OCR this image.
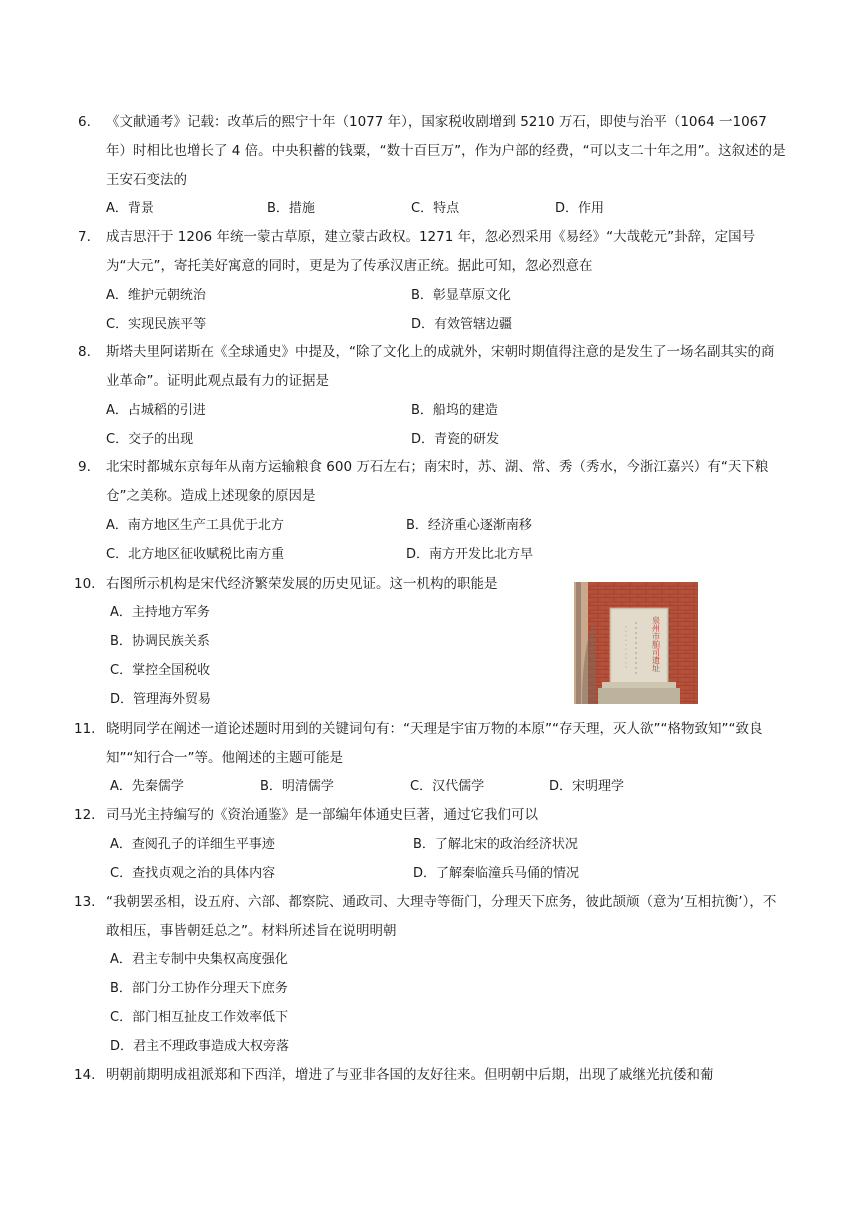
6. 《文献通考》记载：改革后的熙宁十年（1077 年），国家税收剧增到 5210 万石，即使与治平（1064 一1067 年）时相比也增长了 4 倍。中央积蓄的钱粟，“数十百巨万”，作为户部的经费，“可以支二十年之用”。这叙述的是王安石变法的
A．背景	B．措施	C．特点	D．作用
7. 成吉思汗于 1206 年统一蒙古草原，建立蒙古政权。1271 年，忽必烈采用《易经》“大哉乾元”卦辞，定国号为“大元”，寄托美好寓意的同时，更是为了传承汉唐正统。据此可知，忽必烈意在
A．维护元朝统治	B．彰显草原文化
C．实现民族平等	D．有效管辖边疆
8. 斯塔夫里阿诺斯在《全球通史》中提及，“除了文化上的成就外，宋朝时期值得注意的是发生了一场名副其实的商业革命”。证明此观点最有力的证据是
A．占城稻的引进	B．船坞的建造
C．交子的出现	D．青瓷的研发
9. 北宋时都城东京每年从南方运输粮食 600 万石左右；南宋时，苏、湖、常、秀（秀水，今浙江嘉兴）有“天下粮仓”之美称。造成上述现象的原因是
A．南方地区生产工具优于北方	B．经济重心逐渐南移
C．北方地区征收赋税比南方重	D．南方开发比北方早
10. 右图所示机构是宋代经济繁荣发展的历史见证。这一机构的职能是
A．主持地方军务
B．协调民族关系
C．掌控全国税收
D．管理海外贸易
泉州市舶司遗址
11. 晓明同学在阐述一道论述题时用到的关键词句有：“天理是宇宙万物的本原”“存天理，灭人欲”“格物致知”“致良知”“知行合一”等。他阐述的主题可能是
A．先秦儒学	B．明清儒学	C．汉代儒学	D．宋明理学
12. 司马光主持编写的《资治通鉴》是一部编年体通史巨著，通过它我们可以
A．查阅孔子的详细生平事迹	B．了解北宋的政治经济状况
C．查找贞观之治的具体内容	D．了解秦临潼兵马俑的情况
13. “我朝罢丞相，设五府、六部、都察院、通政司、大理寺等衙门，分理天下庶务，彼此颉颃（意为‘互相抗衡’），不敢相压，事皆朝廷总之”。材料所述旨在说明明朝
A．君主专制中央集权高度强化
B．部门分工协作分理天下庶务
C．部门相互扯皮工作效率低下
D．君主不理政事造成大权旁落
14. 明朝前期明成祖派郑和下西洋，增进了与亚非各国的友好往来。但明朝中后期，出现了戚继光抗倭和葡
